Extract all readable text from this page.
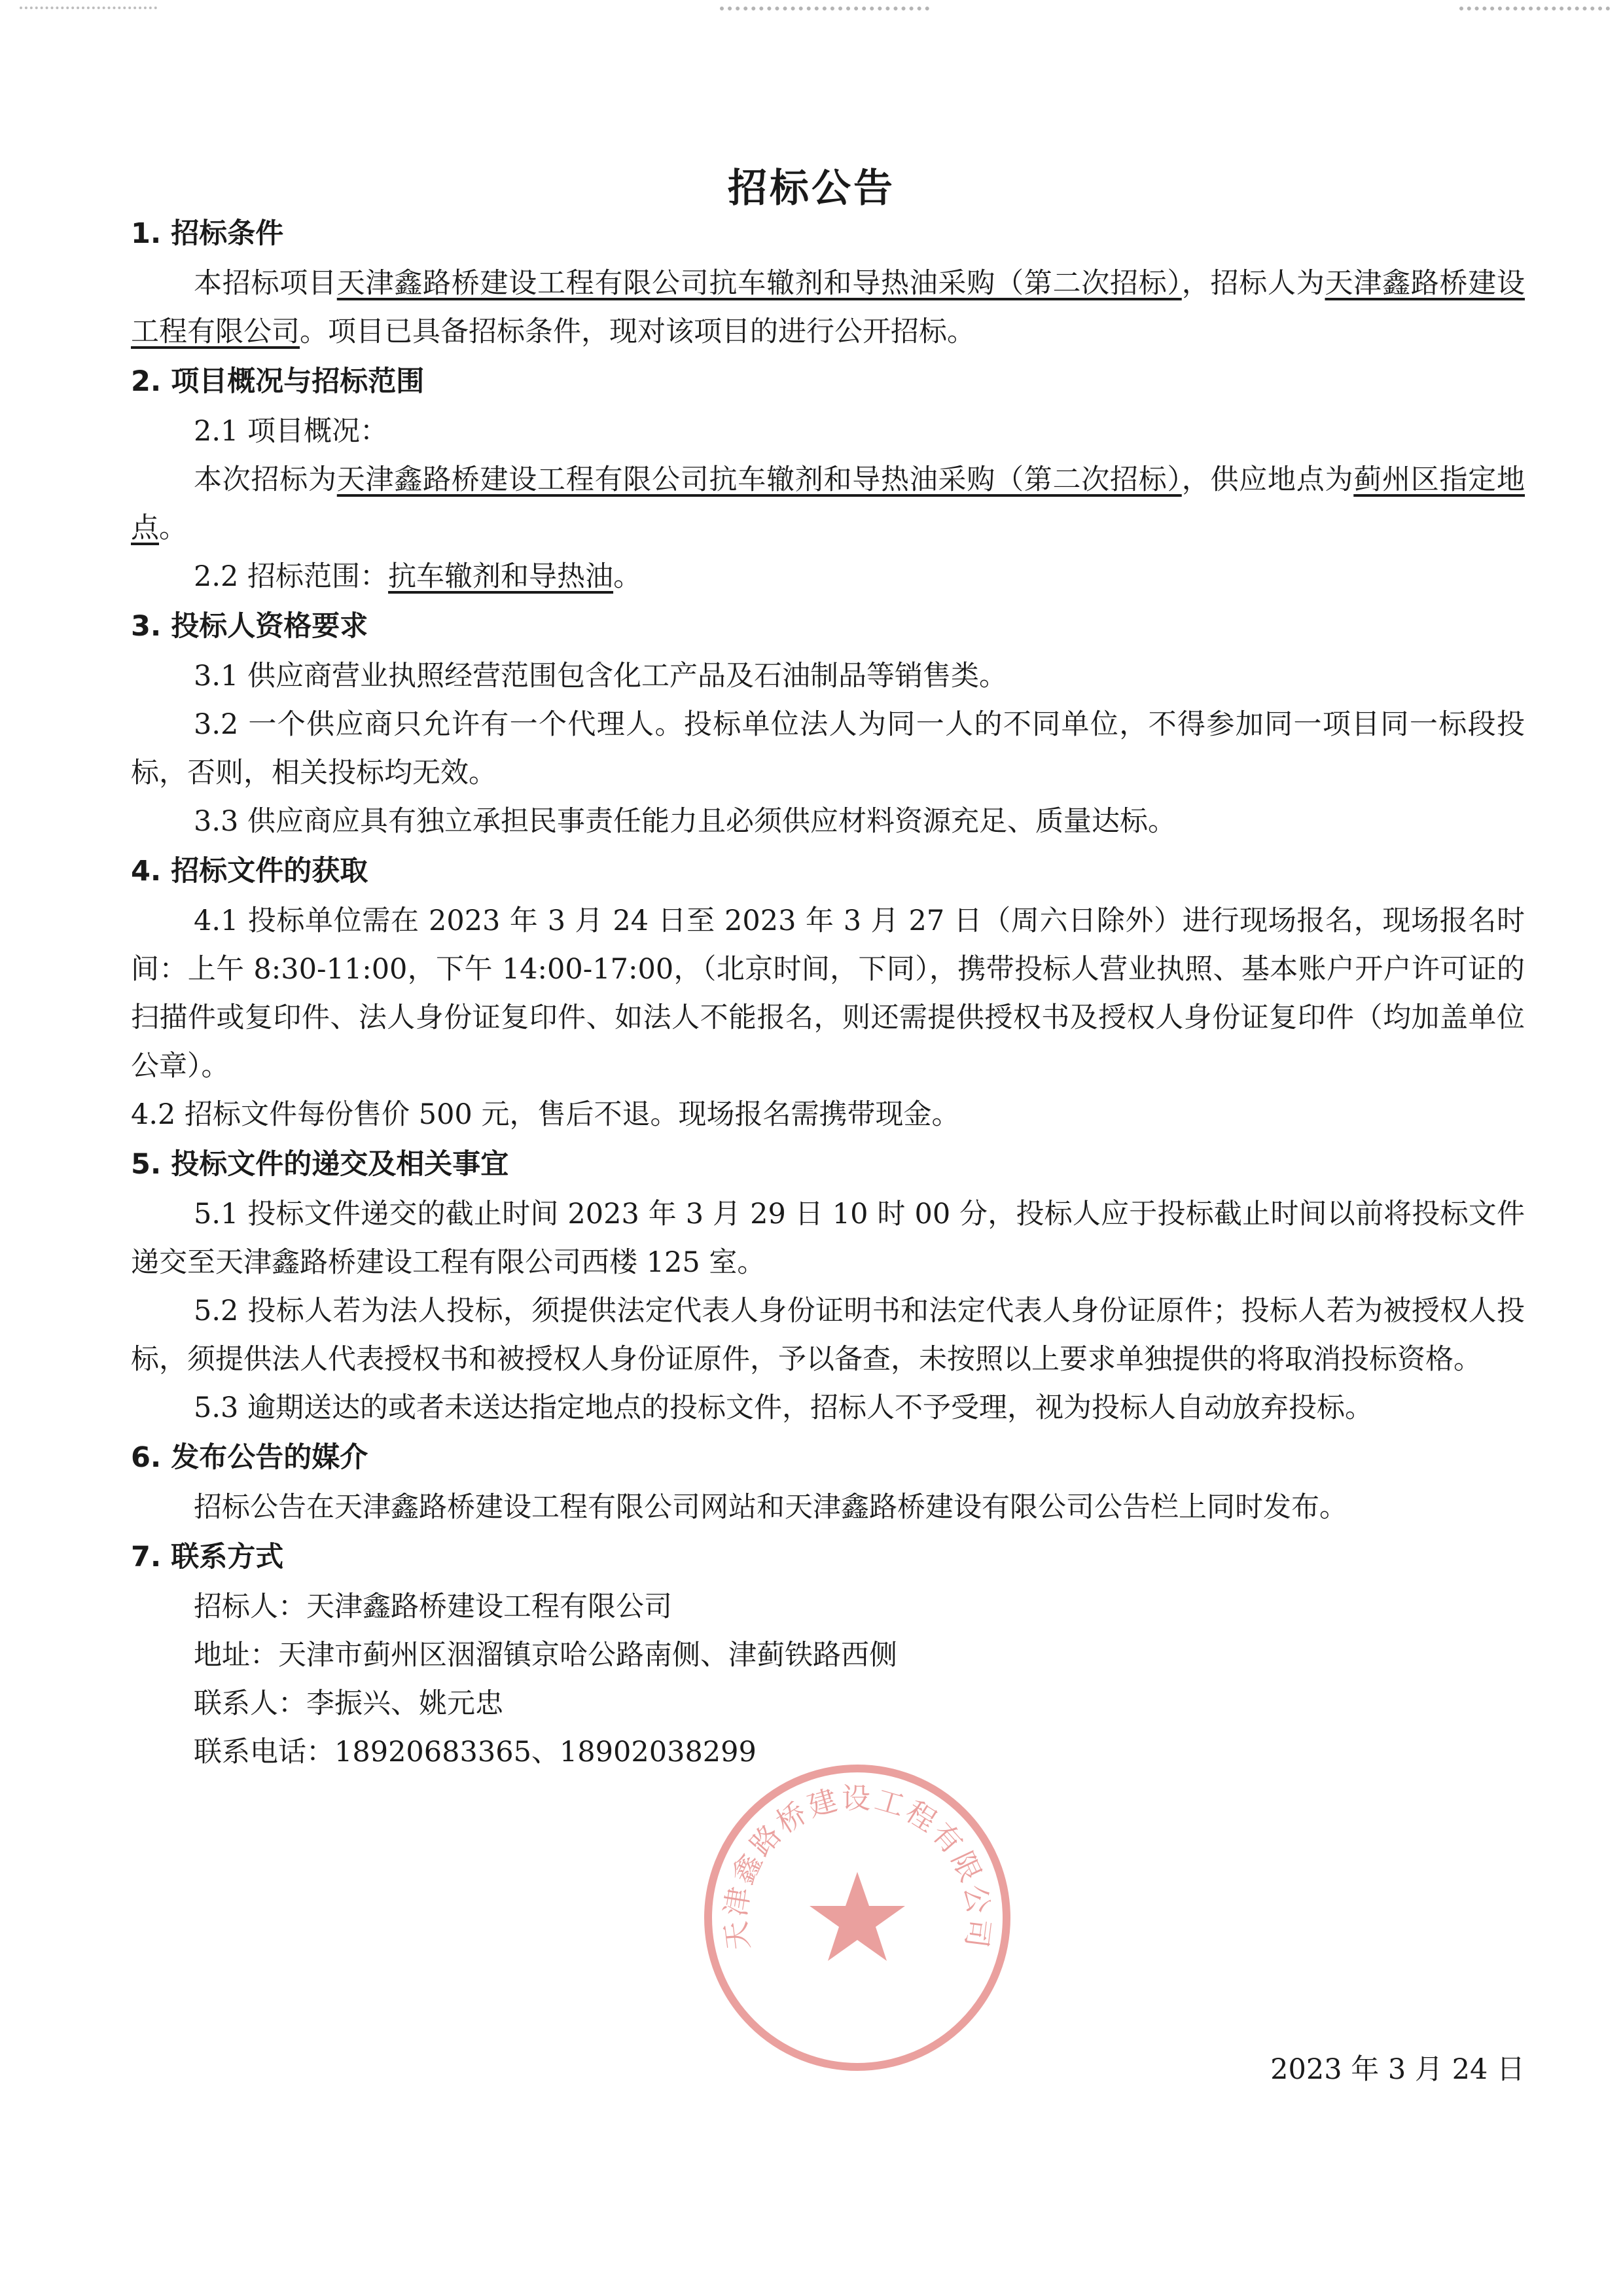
招标公告
1. 招标条件

本招标项目天津鑫路桥建设工程有限公司抗车辙剂和导热油采购（第二次招标），招标人为天津鑫路桥建设工程有限公司。项目已具备招标条件，现对该项目的进行公开招标。

2. 项目概况与招标范围

2.1 项目概况：

本次招标为天津鑫路桥建设工程有限公司抗车辙剂和导热油采购（第二次招标），供应地点为蓟州区指定地点。

2.2 招标范围：抗车辙剂和导热油。

3. 投标人资格要求

3.1 供应商营业执照经营范围包含化工产品及石油制品等销售类。

3.2 一个供应商只允许有一个代理人。投标单位法人为同一人的不同单位，不得参加同一项目同一标段投标，否则，相关投标均无效。

3.3 供应商应具有独立承担民事责任能力且必须供应材料资源充足、质量达标。

4. 招标文件的获取

4.1 投标单位需在 2023 年 3 月 24 日至 2023 年 3 月 27 日（周六日除外）进行现场报名，现场报名时间：上午 8:30-11:00，下午 14:00-17:00，（北京时间，下同），携带投标人营业执照、基本账户开户许可证的扫描件或复印件、法人身份证复印件、如法人不能报名，则还需提供授权书及授权人身份证复印件（均加盖单位公章）。

4.2 招标文件每份售价 500 元，售后不退。现场报名需携带现金。

5. 投标文件的递交及相关事宜

5.1 投标文件递交的截止时间 2023 年 3 月 29 日 10 时 00 分，投标人应于投标截止时间以前将投标文件递交至天津鑫路桥建设工程有限公司西楼 125 室。

5.2 投标人若为法人投标，须提供法定代表人身份证明书和法定代表人身份证原件；投标人若为被授权人投标，须提供法人代表授权书和被授权人身份证原件，予以备查，未按照以上要求单独提供的将取消投标资格。

5.3 逾期送达的或者未送达指定地点的投标文件，招标人不予受理，视为投标人自动放弃投标。

6. 发布公告的媒介

招标公告在天津鑫路桥建设工程有限公司网站和天津鑫路桥建设有限公司公告栏上同时发布。

7. 联系方式

招标人：天津鑫路桥建设工程有限公司

地址：天津市蓟州区洇溜镇京哈公路南侧、津蓟铁路西侧

联系人：李振兴、姚元忠

联系电话：18920683365、18902038299

2023 年 3 月 24 日
天津鑫路桥建设工程有限公司
